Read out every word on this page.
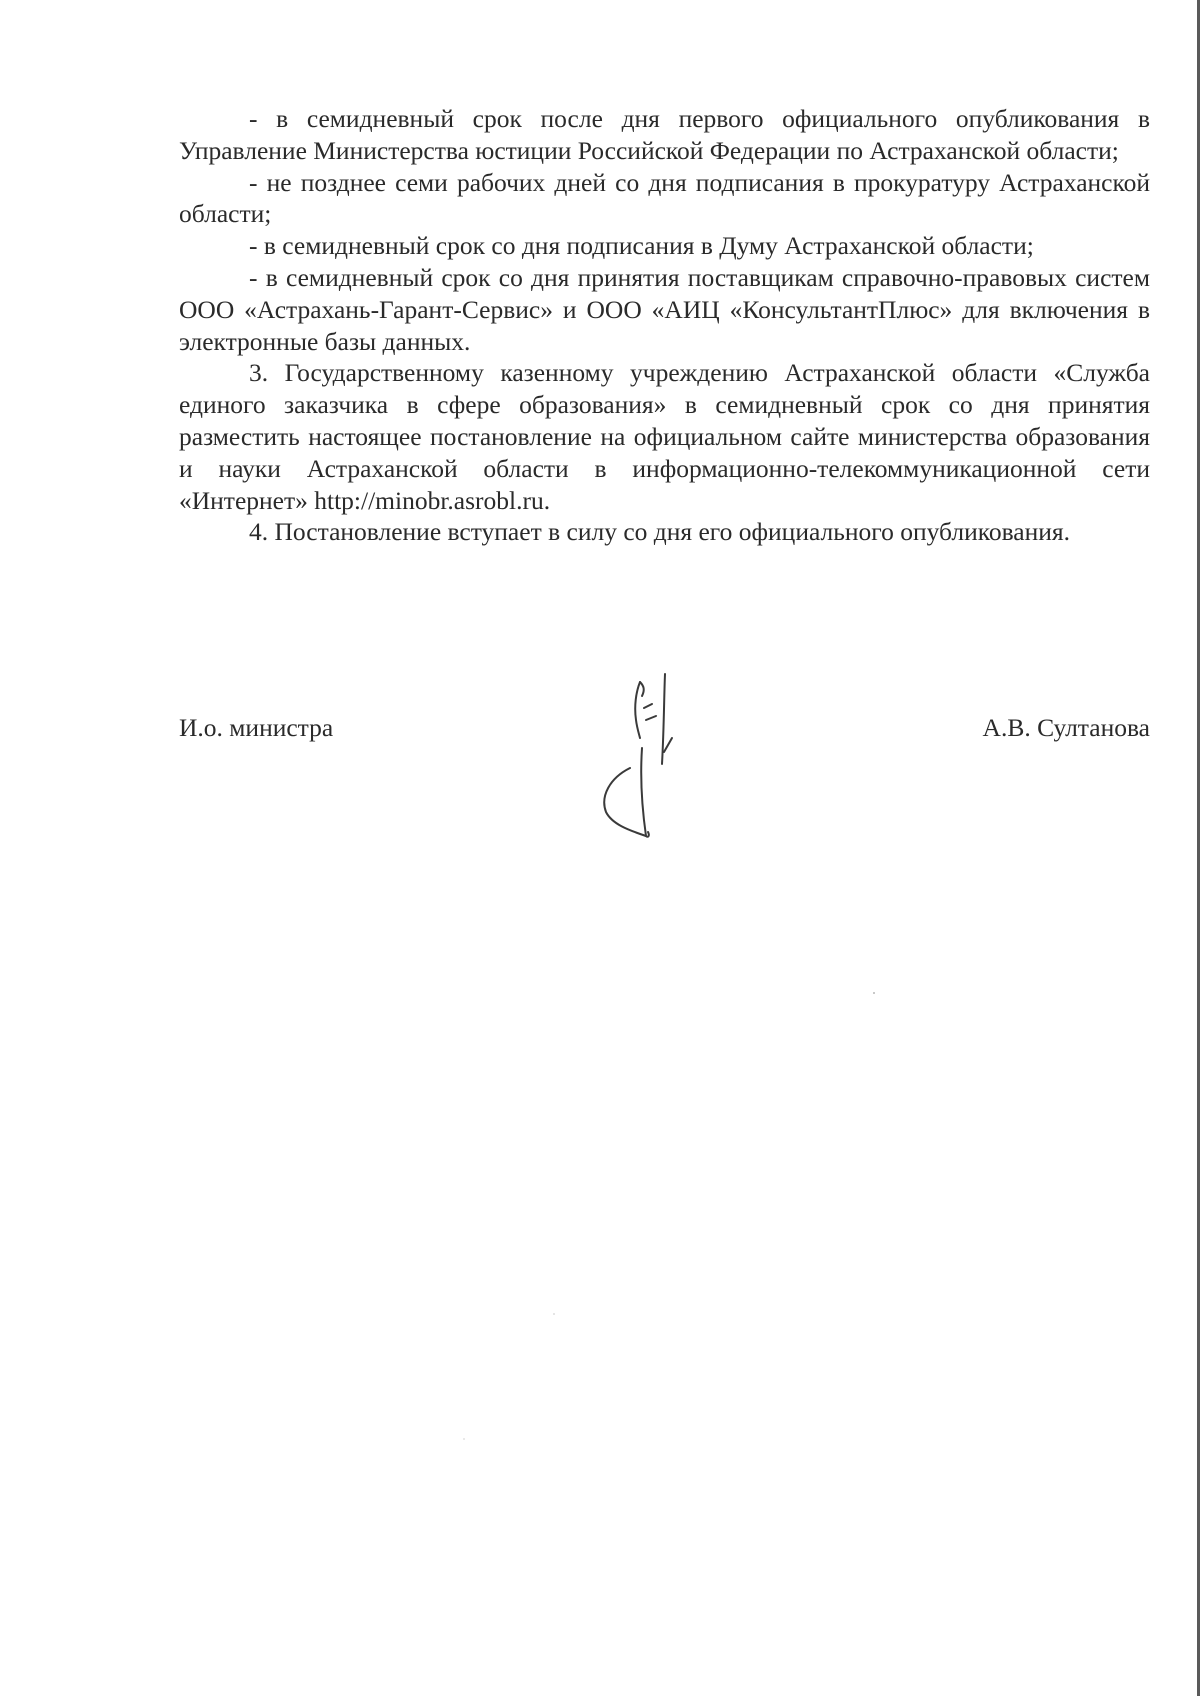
- в семидневный срок после дня первого официального опубликования в Управление Министерства юстиции Российской Федерации по Астраханской области;

- не позднее семи рабочих дней со дня подписания в прокуратуру Астраханской области;

- в семидневный срок со дня подписания в Думу Астраханской области;

- в семидневный срок со дня принятия поставщикам справочно-правовых систем ООО «Астрахань-Гарант-Сервис» и ООО «АИЦ «КонсультантПлюс» для включения в электронные базы данных.

3. Государственному казенному учреждению Астраханской области «Служба единого заказчика в сфере образования» в семидневный срок со дня принятия разместить настоящее постановление на официальном сайте министерства образования и науки Астраханской области в информационно-телекоммуникационной сети «Интернет» http://minobr.asrobl.ru.

4. Постановление вступает в силу со дня его официального опубликования.

И.о. министра	А.В. Султанова
